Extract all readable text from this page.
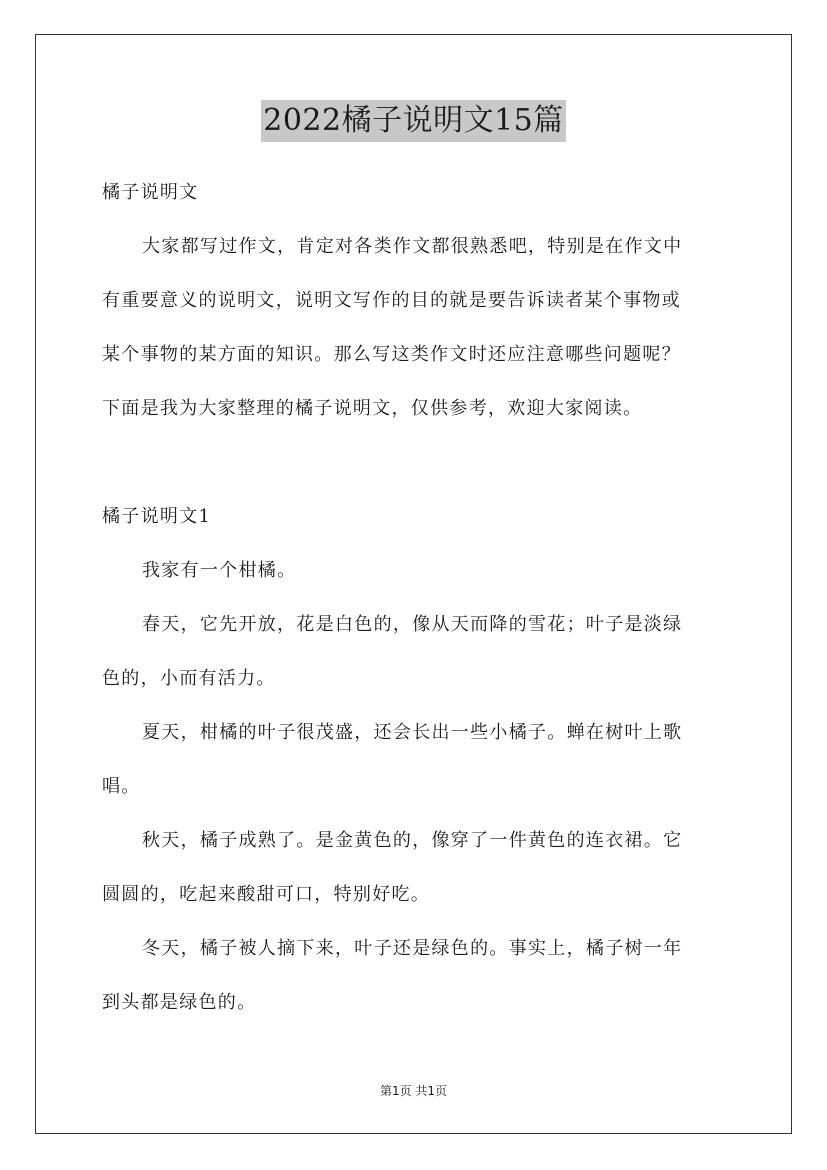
2022橘子说明文15篇
橘子说明文
大家都写过作文，肯定对各类作文都很熟悉吧，特别是在作文中
有重要意义的说明文，说明文写作的目的就是要告诉读者某个事物或
某个事物的某方面的知识。那么写这类作文时还应注意哪些问题呢？
下面是我为大家整理的橘子说明文，仅供参考，欢迎大家阅读。
橘子说明文1
我家有一个柑橘。
春天，它先开放，花是白色的，像从天而降的雪花；叶子是淡绿
色的，小而有活力。
夏天，柑橘的叶子很茂盛，还会长出一些小橘子。蝉在树叶上歌
唱。
秋天，橘子成熟了。是金黄色的，像穿了一件黄色的连衣裙。它
圆圆的，吃起来酸甜可口，特别好吃。
冬天，橘子被人摘下来，叶子还是绿色的。事实上，橘子树一年
到头都是绿色的。
第1页 共1页
